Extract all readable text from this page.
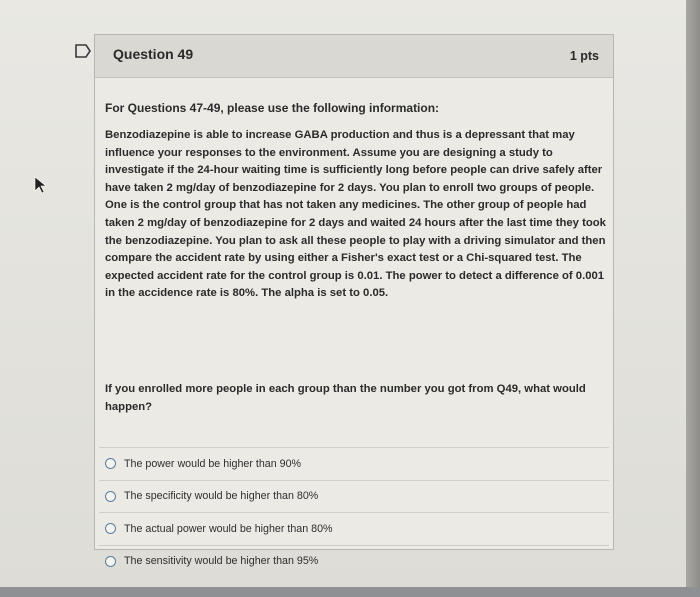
Question 49	1 pts

For Questions 47-49, please use the following information:

Benzodiazepine is able to increase GABA production and thus is a depressant that may influence your responses to the environment. Assume you are designing a study to investigate if the 24-hour waiting time is sufficiently long before people can drive safely after have taken 2 mg/day of benzodiazepine for 2 days. You plan to enroll two groups of people. One is the control group that has not taken any medicines. The other group of people had taken 2 mg/day of benzodiazepine for 2 days and waited 24 hours after the last time they took the benzodiazepine. You plan to ask all these people to play with a driving simulator and then compare the accident rate by using either a Fisher's exact test or a Chi-squared test. The expected accident rate for the control group is 0.01. The power to detect a difference of 0.001 in the accidence rate is 80%. The alpha is set to 0.05.

If you enrolled more people in each group than the number you got from Q49, what would happen?
The power would be higher than 90%
The specificity would be higher than 80%
The actual power would be higher than 80%
The sensitivity would be higher than 95%
